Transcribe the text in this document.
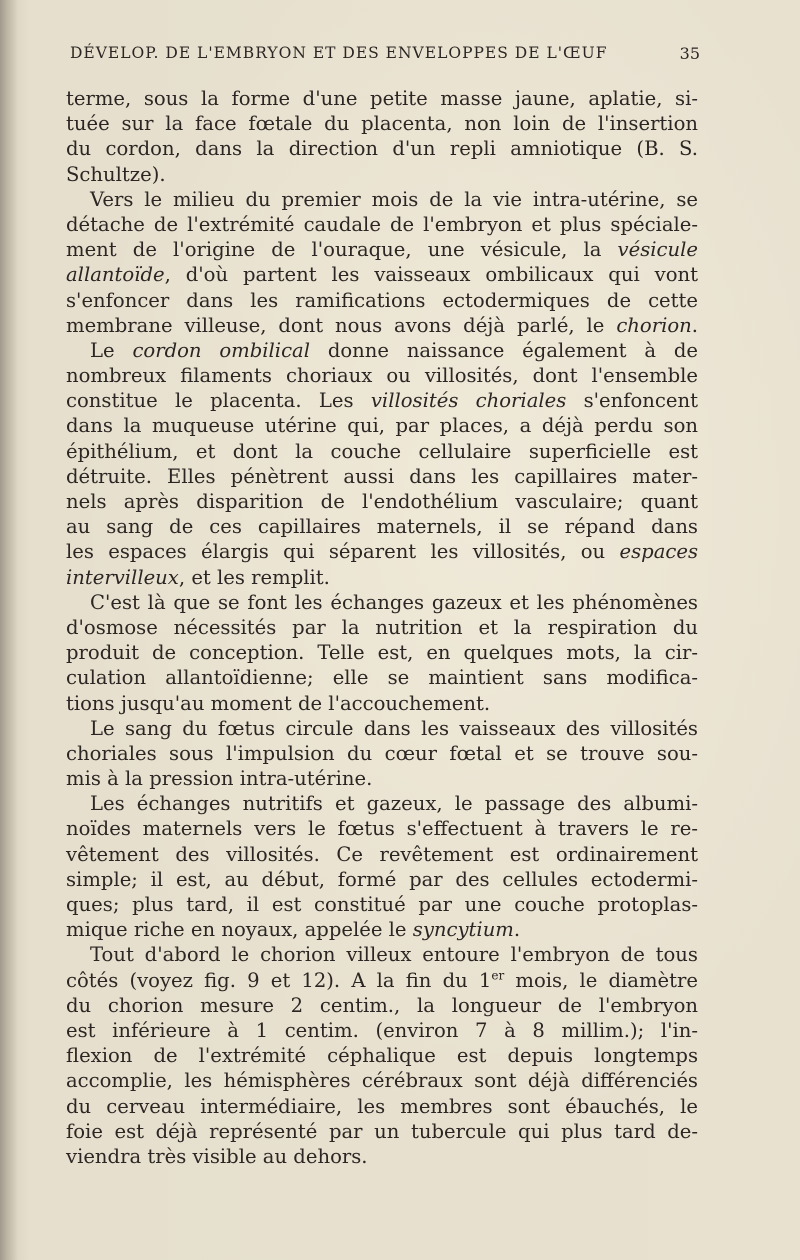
DÉVELOP. DE L'EMBRYON ET DES ENVELOPPES DE L'ŒUF	35
terme, sous la forme d'une petite masse jaune, aplatie, si-
tuée sur la face fœtale du placenta, non loin de l'insertion
du cordon, dans la direction d'un repli amniotique (B. S.
Schultze).
Vers le milieu du premier mois de la vie intra-utérine, se
détache de l'extrémité caudale de l'embryon et plus spéciale-
ment de l'origine de l'ouraque, une vésicule, la vésicule
allantoïde, d'où partent les vaisseaux ombilicaux qui vont
s'enfoncer dans les ramifications ectodermiques de cette
membrane villeuse, dont nous avons déjà parlé, le chorion.
Le cordon ombilical donne naissance également à de
nombreux filaments choriaux ou villosités, dont l'ensemble
constitue le placenta. Les villosités choriales s'enfoncent
dans la muqueuse utérine qui, par places, a déjà perdu son
épithélium, et dont la couche cellulaire superficielle est
détruite. Elles pénètrent aussi dans les capillaires mater-
nels après disparition de l'endothélium vasculaire; quant
au sang de ces capillaires maternels, il se répand dans
les espaces élargis qui séparent les villosités, ou espaces
intervilleux, et les remplit.
C'est là que se font les échanges gazeux et les phénomènes
d'osmose nécessités par la nutrition et la respiration du
produit de conception. Telle est, en quelques mots, la cir-
culation allantoïdienne; elle se maintient sans modifica-
tions jusqu'au moment de l'accouchement.
Le sang du fœtus circule dans les vaisseaux des villosités
choriales sous l'impulsion du cœur fœtal et se trouve sou-
mis à la pression intra-utérine.
Les échanges nutritifs et gazeux, le passage des albumi-
noïdes maternels vers le fœtus s'effectuent à travers le re-
vêtement des villosités. Ce revêtement est ordinairement
simple; il est, au début, formé par des cellules ectodermi-
ques; plus tard, il est constitué par une couche protoplas-
mique riche en noyaux, appelée le syncytium.
Tout d'abord le chorion villeux entoure l'embryon de tous
côtés (voyez fig. 9 et 12). A la fin du 1er mois, le diamètre
du chorion mesure 2 centim., la longueur de l'embryon
est inférieure à 1 centim. (environ 7 à 8 millim.); l'in-
flexion de l'extrémité céphalique est depuis longtemps
accomplie, les hémisphères cérébraux sont déjà différenciés
du cerveau intermédiaire, les membres sont ébauchés, le
foie est déjà représenté par un tubercule qui plus tard de-
viendra très visible au dehors.
